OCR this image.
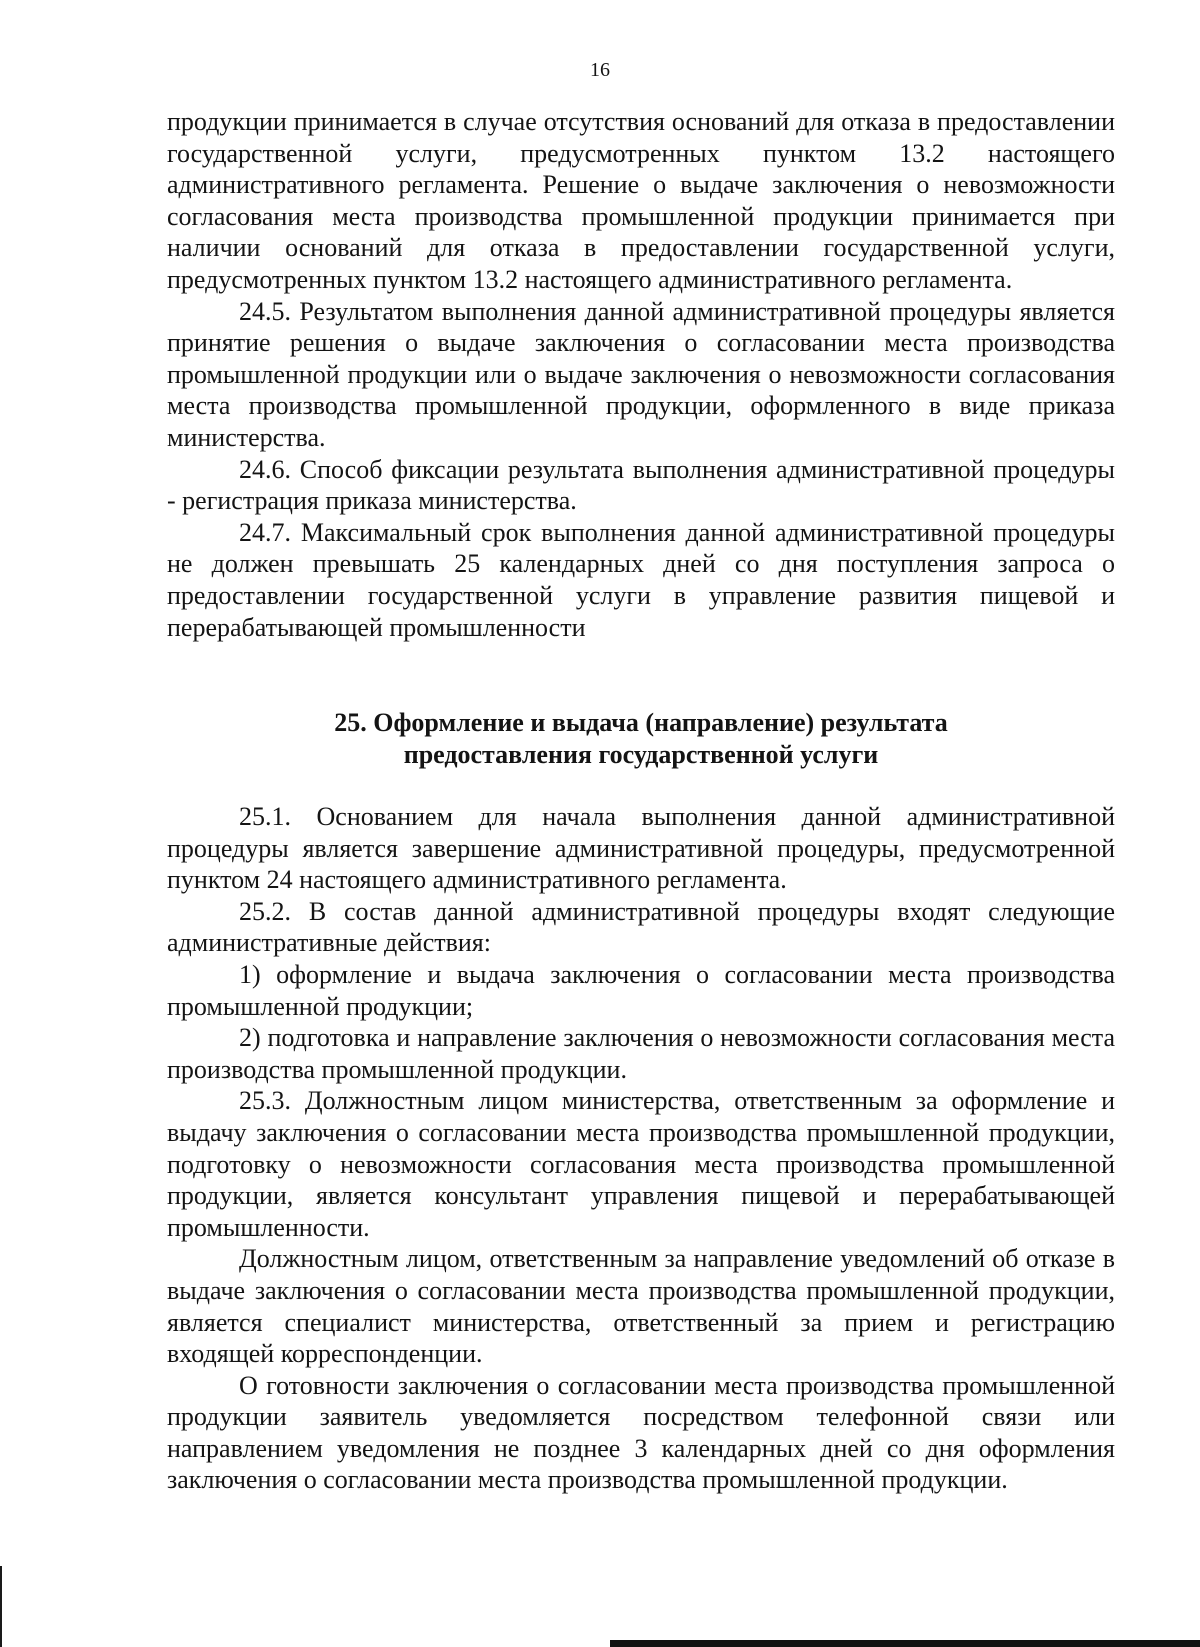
16

продукции принимается в случае отсутствия оснований для отказа в предоставлении государственной услуги, предусмотренных пунктом 13.2 настоящего административного регламента. Решение о выдаче заключения о невозможности согласования места производства промышленной продукции принимается при наличии оснований для отказа в предоставлении государственной услуги, предусмотренных пунктом 13.2 настоящего административного регламента.

24.5. Результатом выполнения данной административной процедуры является принятие решения о выдаче заключения о согласовании места производства промышленной продукции или о выдаче заключения о невозможности согласования места производства промышленной продукции, оформленного в виде приказа министерства.

24.6. Способ фиксации результата выполнения административной процедуры - регистрация приказа министерства.

24.7. Максимальный срок выполнения данной административной процедуры не должен превышать 25 календарных дней со дня поступления запроса о предоставлении государственной услуги в управление развития пищевой и перерабатывающей промышленности

25. Оформление и выдача (направление) результата
предоставления государственной услуги

25.1. Основанием для начала выполнения данной административной процедуры является завершение административной процедуры, предусмотренной пунктом 24 настоящего административного регламента.

25.2. В состав данной административной процедуры входят следующие административные действия:

1) оформление и выдача заключения о согласовании места производства промышленной продукции;

2) подготовка и направление заключения о невозможности согласования места производства промышленной продукции.

25.3. Должностным лицом министерства, ответственным за оформление и выдачу заключения о согласовании места производства промышленной продукции, подготовку о невозможности согласования места производства промышленной продукции, является консультант управления пищевой и перерабатывающей промышленности.

Должностным лицом, ответственным за направление уведомлений об отказе в выдаче заключения о согласовании места производства промышленной продукции, является специалист министерства, ответственный за прием и регистрацию входящей корреспонденции.

О готовности заключения о согласовании места производства промышленной продукции заявитель уведомляется посредством телефонной связи или направлением уведомления не позднее 3 календарных дней со дня оформления заключения о согласовании места производства промышленной продукции.
